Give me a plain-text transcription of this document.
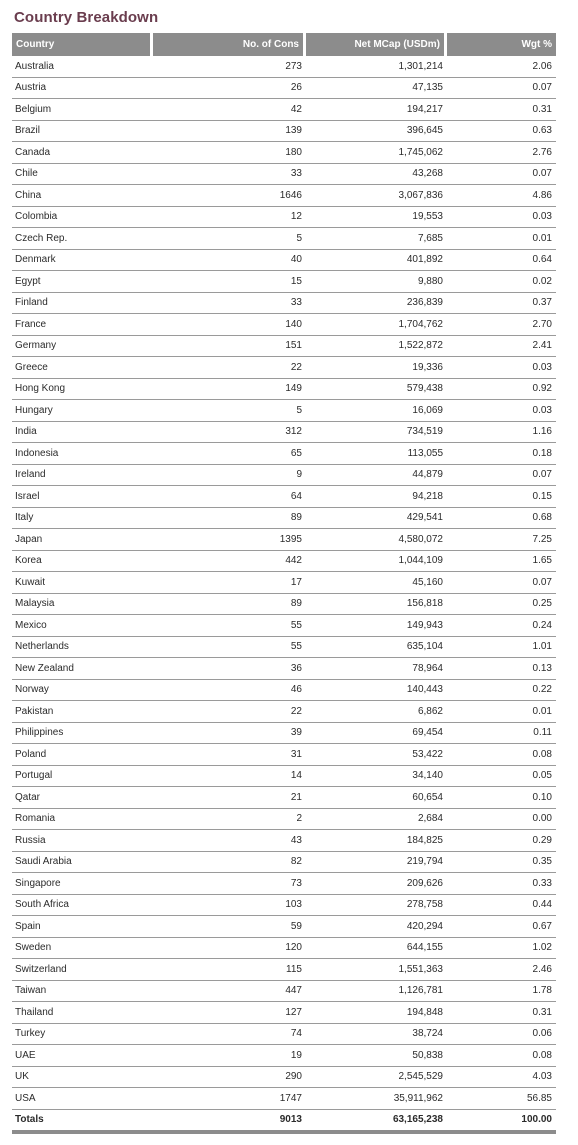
Country Breakdown
Country	No. of Cons	Net MCap (USDm)	Wgt %
Australia	273	1,301,214	2.06
Austria	26	47,135	0.07
Belgium	42	194,217	0.31
Brazil	139	396,645	0.63
Canada	180	1,745,062	2.76
Chile	33	43,268	0.07
China	1646	3,067,836	4.86
Colombia	12	19,553	0.03
Czech Rep.	5	7,685	0.01
Denmark	40	401,892	0.64
Egypt	15	9,880	0.02
Finland	33	236,839	0.37
France	140	1,704,762	2.70
Germany	151	1,522,872	2.41
Greece	22	19,336	0.03
Hong Kong	149	579,438	0.92
Hungary	5	16,069	0.03
India	312	734,519	1.16
Indonesia	65	113,055	0.18
Ireland	9	44,879	0.07
Israel	64	94,218	0.15
Italy	89	429,541	0.68
Japan	1395	4,580,072	7.25
Korea	442	1,044,109	1.65
Kuwait	17	45,160	0.07
Malaysia	89	156,818	0.25
Mexico	55	149,943	0.24
Netherlands	55	635,104	1.01
New Zealand	36	78,964	0.13
Norway	46	140,443	0.22
Pakistan	22	6,862	0.01
Philippines	39	69,454	0.11
Poland	31	53,422	0.08
Portugal	14	34,140	0.05
Qatar	21	60,654	0.10
Romania	2	2,684	0.00
Russia	43	184,825	0.29
Saudi Arabia	82	219,794	0.35
Singapore	73	209,626	0.33
South Africa	103	278,758	0.44
Spain	59	420,294	0.67
Sweden	120	644,155	1.02
Switzerland	115	1,551,363	2.46
Taiwan	447	1,126,781	1.78
Thailand	127	194,848	0.31
Turkey	74	38,724	0.06
UAE	19	50,838	0.08
UK	290	2,545,529	4.03
USA	1747	35,911,962	56.85
Totals	9013	63,165,238	100.00
